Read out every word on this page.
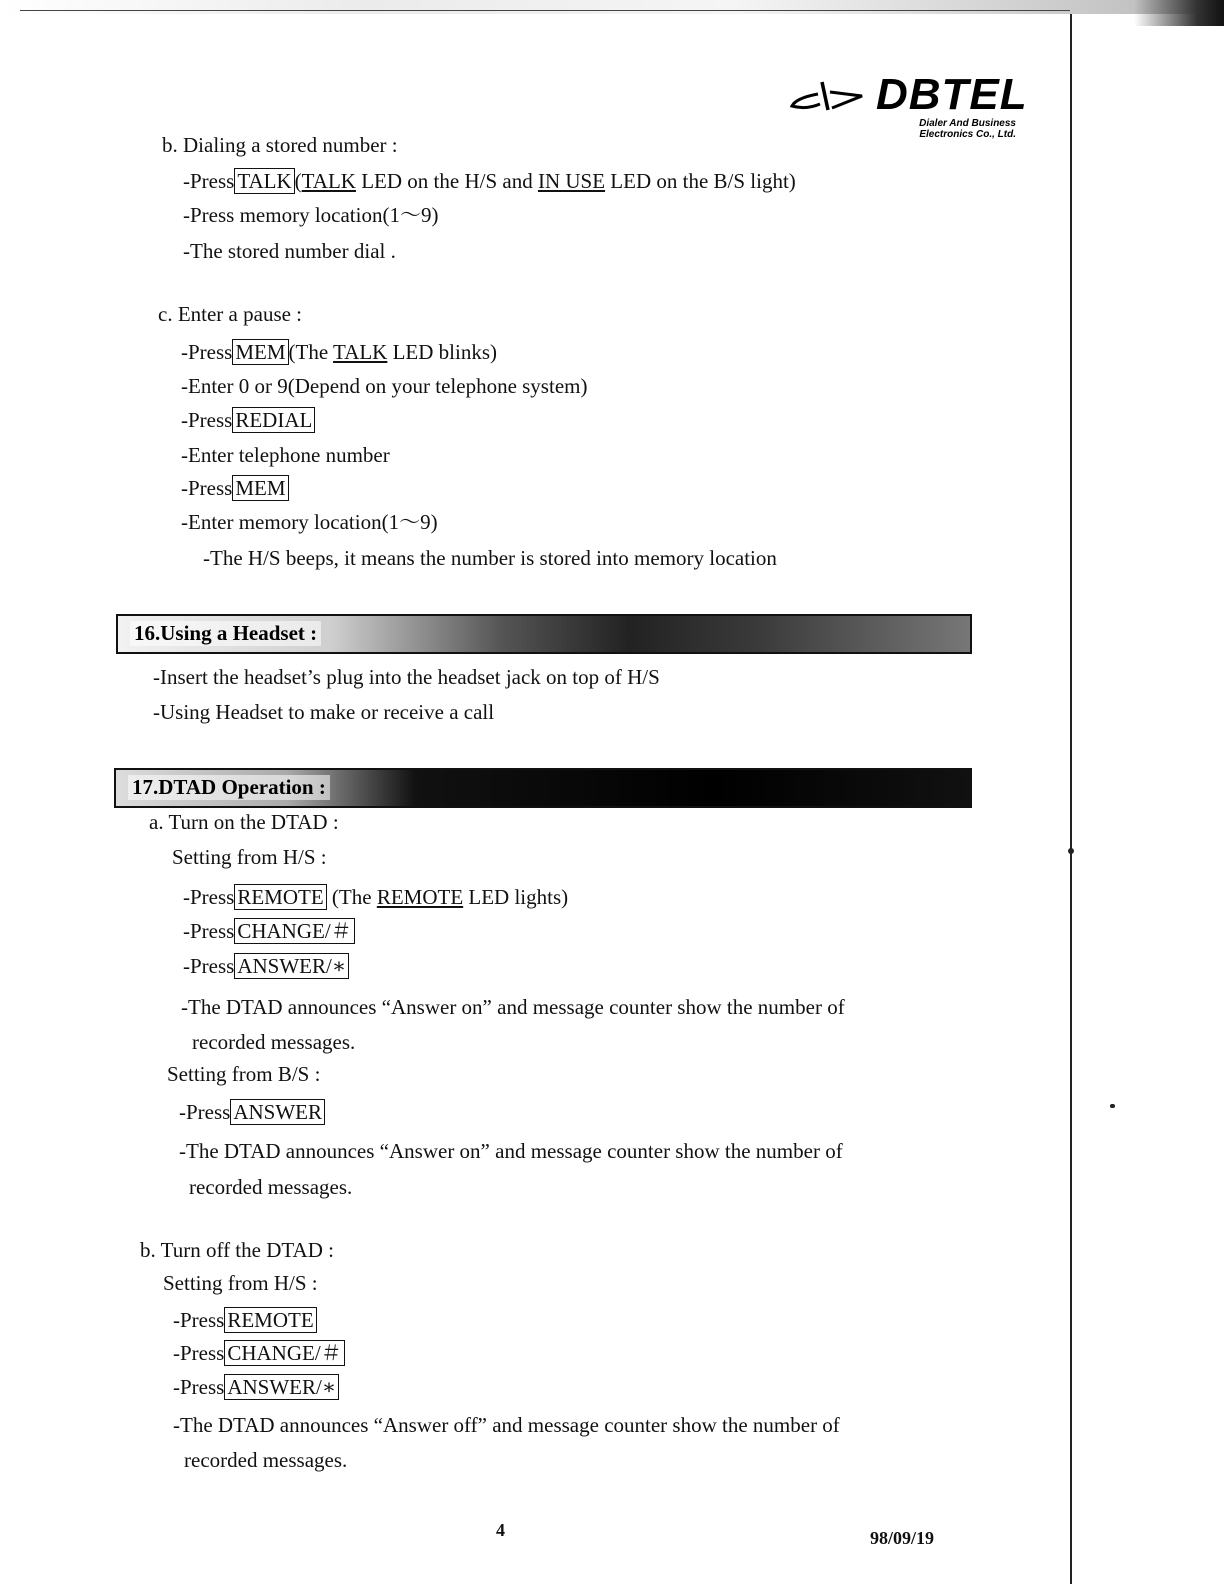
DBTEL
Dialer And Business
Electronics Co., Ltd.
b. Dialing a stored number :
-Press TALK (TALK LED on the H/S and IN USE LED on the B/S light)
-Press memory location(1～9)
-The stored number dial .
c. Enter a pause :
-Press MEM (The TALK LED blinks)
-Enter 0 or 9(Depend on your telephone system)
-Press REDIAL
-Enter telephone number
-Press MEM
-Enter memory location(1～9)
-The H/S beeps, it means the number is stored into memory location
16.Using a Headset :
-Insert the headset’s plug into the headset jack on top of H/S
-Using Headset to make or receive a call
17.DTAD Operation :
a. Turn on the DTAD :
Setting from H/S :
-Press REMOTE (The REMOTE LED lights)
-Press CHANGE/＃
-Press ANSWER/∗
-The DTAD announces “Answer on” and message counter show the number of
recorded messages.
Setting from B/S :
-Press ANSWER
-The DTAD announces “Answer on” and message counter show the number of
recorded messages.
b. Turn off the DTAD :
Setting from H/S :
-Press REMOTE
-Press CHANGE/＃
-Press ANSWER/∗
-The DTAD announces “Answer off” and message counter show the number of
recorded messages.
4	98/09/19
